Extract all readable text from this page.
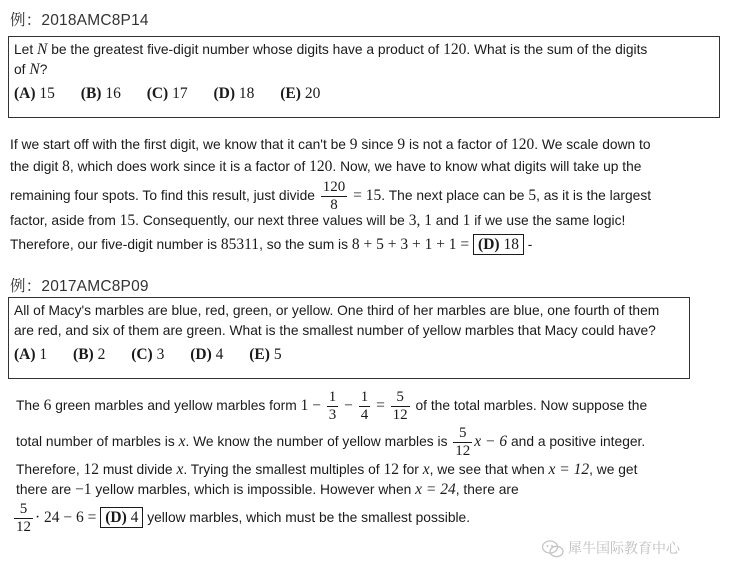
例：2018AMC8P14
Let N be the greatest five-digit number whose digits have a product of 120. What is the sum of the digits
of N?
(A) 15 (B) 16 (C) 17 (D) 18 (E) 20
If we start off with the first digit, we know that it can't be 9 since 9 is not a factor of 120. We scale down to
the digit 8, which does work since it is a factor of 120. Now, we have to know what digits will take up the
remaining four spots. To find this result, just divide $\frac{120}{8} = 15$. The next place can be 5, as it is the largest
factor, aside from 15. Consequently, our next three values will be 3, 1 and 1 if we use the same logic!
Therefore, our five-digit number is 85311, so the sum is 8 + 5 + 3 + 1 + 1 = (D) 18 -
例：2017AMC8P09
All of Macy's marbles are blue, red, green, or yellow. One third of her marbles are blue, one fourth of them
are red, and six of them are green. What is the smallest number of yellow marbles that Macy could have?
(A) 1 (B) 2 (C) 3 (D) 4 (E) 5
The 6 green marbles and yellow marbles form $1 - \frac{1}{3} - \frac{1}{4} = \frac{5}{12}$ of the total marbles. Now suppose the
total number of marbles is x. We know the number of yellow marbles is $\frac{5}{12}$ x − 6 and a positive integer.
Therefore, 12 must divide x. Trying the smallest multiples of 12 for x, we see that when x = 12, we get
there are −1 yellow marbles, which is impossible. However when x = 24, there are
$\frac{5}{12} \cdot 24 - 6 = (D)$ 4 yellow marbles, which must be the smallest possible.
犀牛国际教育中心
